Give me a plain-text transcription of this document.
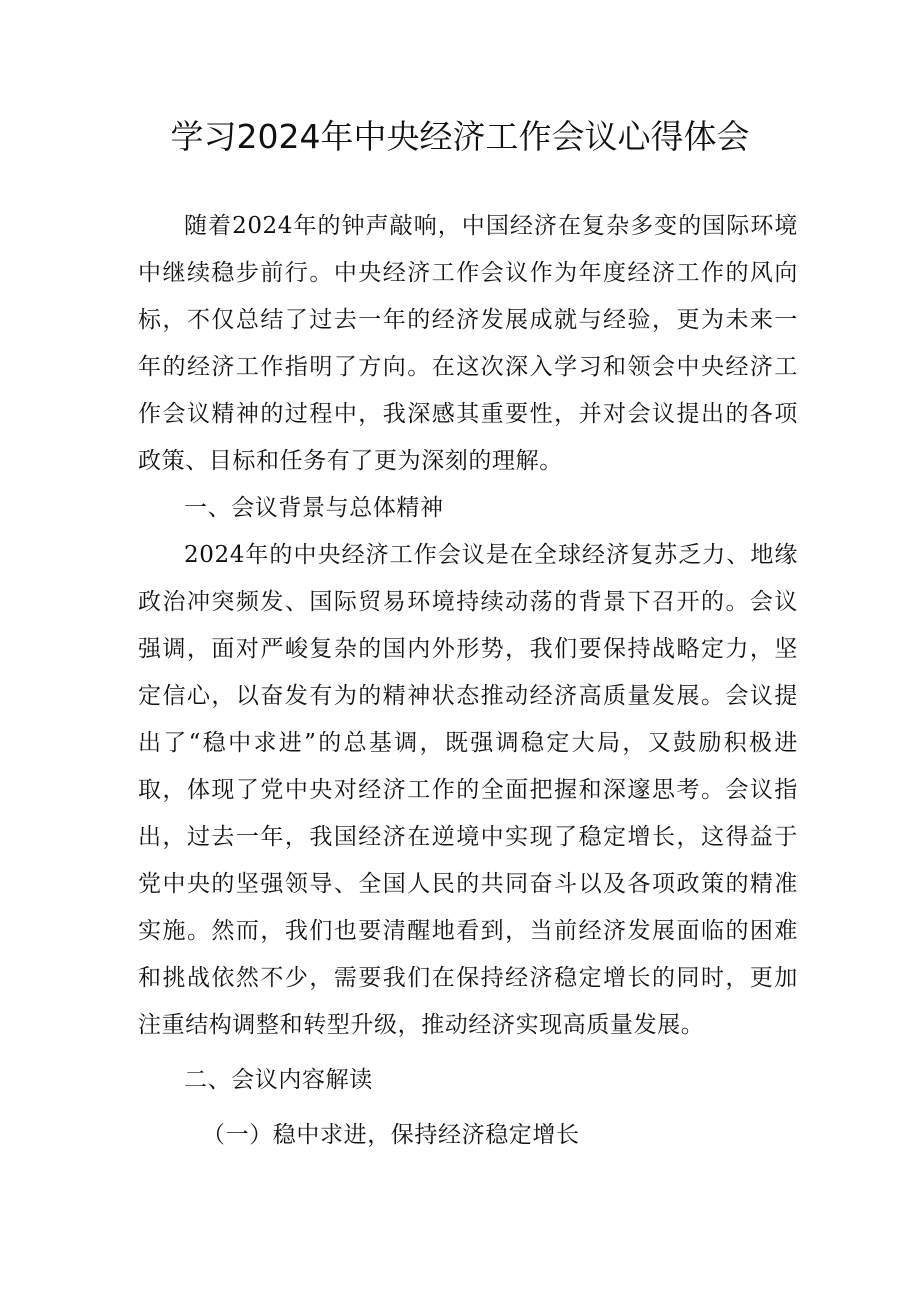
学习2024年中央经济工作会议心得体会

随着2024年的钟声敲响，中国经济在复杂多变的国际环境中继续稳步前行。中央经济工作会议作为年度经济工作的风向标，不仅总结了过去一年的经济发展成就与经验，更为未来一年的经济工作指明了方向。在这次深入学习和领会中央经济工作会议精神的过程中，我深感其重要性，并对会议提出的各项政策、目标和任务有了更为深刻的理解。

一、会议背景与总体精神

2024年的中央经济工作会议是在全球经济复苏乏力、地缘政治冲突频发、国际贸易环境持续动荡的背景下召开的。会议强调，面对严峻复杂的国内外形势，我们要保持战略定力，坚定信心，以奋发有为的精神状态推动经济高质量发展。会议提出了“稳中求进”的总基调，既强调稳定大局，又鼓励积极进取，体现了党中央对经济工作的全面把握和深邃思考。会议指出，过去一年，我国经济在逆境中实现了稳定增长，这得益于党中央的坚强领导、全国人民的共同奋斗以及各项政策的精准实施。然而，我们也要清醒地看到，当前经济发展面临的困难和挑战依然不少，需要我们在保持经济稳定增长的同时，更加注重结构调整和转型升级，推动经济实现高质量发展。

二、会议内容解读

（一）稳中求进，保持经济稳定增长
